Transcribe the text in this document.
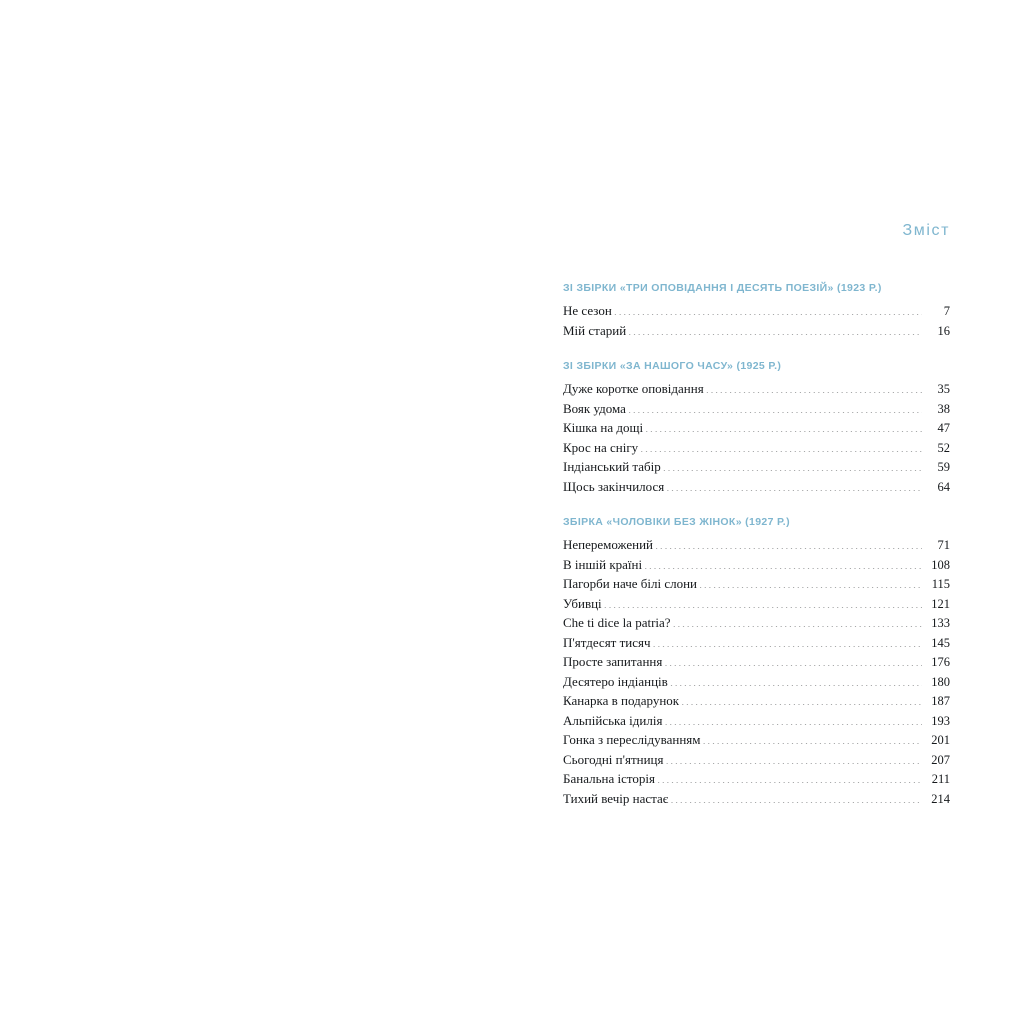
Зміст
ЗІ ЗБІРКИ «ТРИ ОПОВІДАННЯ І ДЕСЯТЬ ПОЕЗІЙ» (1923 Р.)
Не сезон .....	7
Мій старий .....	16
ЗІ ЗБІРКИ «ЗА НАШОГО ЧАСУ» (1925 Р.)
Дуже коротке оповідання .....	35
Вояк удома .....	38
Кішка на дощі .....	47
Крос на снігу .....	52
Індіанський табір .....	59
Щось закінчилося .....	64
ЗБІРКА «ЧОЛОВІКИ БЕЗ ЖІНОК» (1927 Р.)
Непереможений .....	71
В іншій країні .....	108
Пагорби наче білі слони .....	115
Убивці .....	121
Che ti dice la patria? .....	133
П'ятдесят тисяч .....	145
Просте запитання .....	176
Десятеро індіанців .....	180
Канарка в подарунок .....	187
Альпійська ідилія .....	193
Гонка з переслідуванням .....	201
Сьогодні п'ятниця .....	207
Банальна історія .....	211
Тихий вечір настає .....	214
